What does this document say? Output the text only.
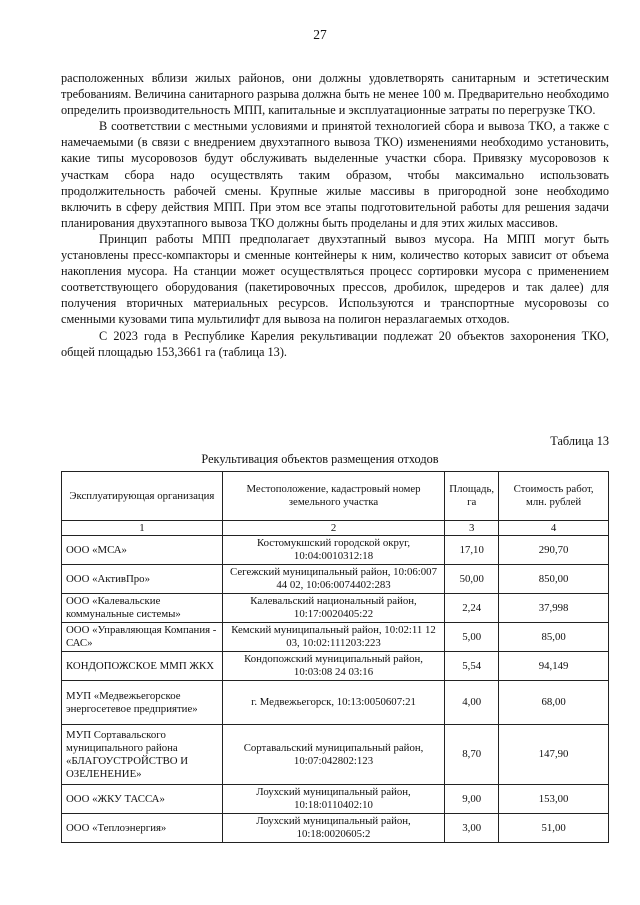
27

расположенных вблизи жилых районов, они должны удовлетворять санитарным и эстетическим требованиям. Величина санитарного разрыва должна быть не менее 100 м. Предварительно необходимо определить производительность МПП, капитальные и эксплуатационные затраты по перегрузке ТКО.

В соответствии с местными условиями и принятой технологией сбора и вывоза ТКО, а также с намечаемыми (в связи с внедрением двухэтапного вывоза ТКО) изменениями необходимо установить, какие типы мусоровозов будут обслуживать выделенные участки сбора. Привязку мусоровозов к участкам сбора надо осуществлять таким образом, чтобы максимально использовать продолжительность рабочей смены. Крупные жилые массивы в пригородной зоне необходимо включить в сферу действия МПП. При этом все этапы подготовительной работы для решения задачи планирования двухэтапного вывоза ТКО должны быть проделаны и для этих жилых массивов.

Принцип работы МПП предполагает двухэтапный вывоз мусора. На МПП могут быть установлены пресс-компакторы и сменные контейнеры к ним, количество которых зависит от объема накопления мусора. На станции может осуществляться процесс сортировки мусора с применением соответствующего оборудования (пакетировочных прессов, дробилок, шредеров и так далее) для получения вторичных материальных ресурсов. Используются и транспортные мусоровозы со сменными кузовами типа мультилифт для вывоза на полигон неразлагаемых отходов.

С 2023 года в Республике Карелия рекультивации подлежат 20 объектов захоронения ТКО, общей площадью 153,3661 га (таблица 13).

Таблица 13
Рекультивация объектов размещения отходов
Эксплуатирующая организация	Местоположение, кадастровый номер земельного участка	Площадь, га	Стоимость работ, млн. рублей
1	2	3	4
ООО «МСА»	Костомукшский городской округ, 10:04:0010312:18	17,10	290,70
ООО «АктивПро»	Сегежский муниципальный район, 10:06:007 44 02, 10:06:0074402:283	50,00	850,00
ООО «Калевальские коммунальные системы»	Калевальский национальный район, 10:17:0020405:22	2,24	37,998
ООО «Управляющая Компания - САС»	Кемский муниципальный район, 10:02:11 12 03, 10:02:111203:223	5,00	85,00
КОНДОПОЖСКОЕ ММП ЖКХ	Кондопожский муниципальный район, 10:03:08 24 03:16	5,54	94,149
МУП «Медвежьегорское энергосетевое предприятие»	г. Медвежьегорск, 10:13:0050607:21	4,00	68,00
МУП Сортавальского муниципального района «БЛАГОУСТРОЙСТВО И ОЗЕЛЕНЕНИЕ»	Сортавальский муниципальный район, 10:07:042802:123	8,70	147,90
ООО «ЖКУ ТАССА»	Лоухский муниципальный район, 10:18:0110402:10	9,00	153,00
ООО «Теплоэнергия»	Лоухский муниципальный район, 10:18:0020605:2	3,00	51,00
